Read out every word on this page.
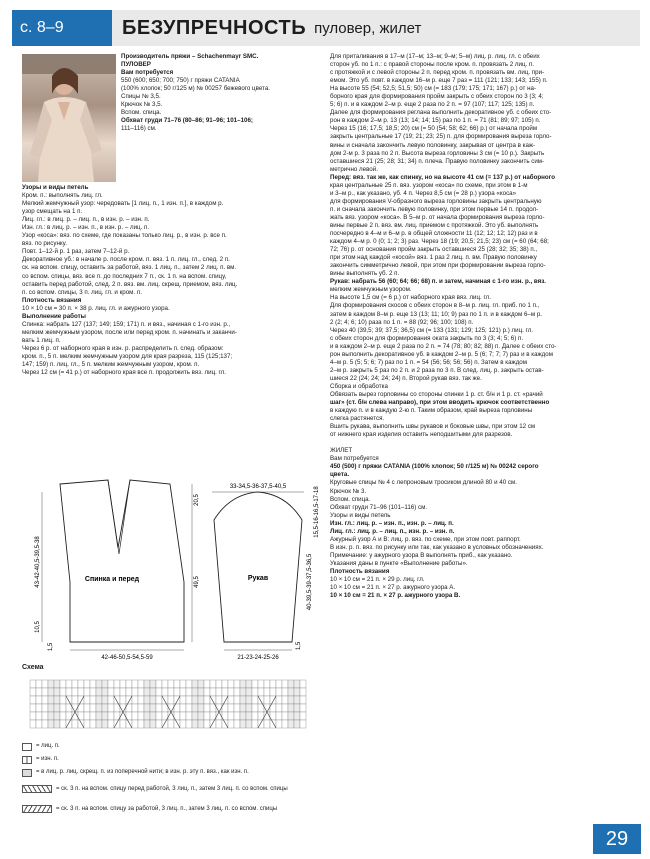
c. 8–9	БЕЗУПРЕЧНОСТЬ пуловер, жилет

Производитель пряжи – Schachenmayr SMC.

ПУЛОВЕР

Вам потребуется

550 (600; 650; 700; 750) г пряжи CATANIA

(100% хлопок; 50 г/125 м) № 00257 бежевого цвета.

Спицы № 3,5.

Крючок № 3,5.

Вспом. спица.

Обхват груди 71–76 (80–86; 91–96; 101–106;

111–116) см.

Узоры и виды петель

Кром. п.: выполнять лиц. гл.

Мелкий жемчужный узор: чередовать [1 лиц. п., 1 изн. п.], в каждом р.

узор смещать на 1 п.

Лиц. гл.: в лиц. р. – лиц. п., в изн. р. – изн. п.

Изн. гл.: в лиц. р. – изн. п., в изн. р. – лиц. п.

Узор «коса»: вяз. по схеме, где показаны только лиц. р., в изн. р. все п.

вяз. по рисунку.

Повт. 1–12-й р. 1 раз, затем 7–12-й р.

Декоративное уб.: в начале р. после кром. п. вяз. 1 п. лиц. гл., след. 2 п.

ск. на вспом. спицу, оставить за работой, вяз. 1 лиц. п., затем 2 лиц. п. вм.

со вспом. спицы, вяз. все п. до последних 7 п., ск. 1 п. на вспом. спицу,

оставить перед работой, след. 2 п. вяз. вм. лиц. скрещ. приемом, вяз. лиц.

п. со вспом. спицы, 3 п. лиц. гл. и кром. п.

Плотность вязания

10 × 10 см = 30 п. × 38 р. лиц. гл. и ажурного узора.

Выполнение работы

Спинка: набрать 127 (137; 149; 159; 171) п. и вяз., начиная с 1-го изн. р.,

мелким жемчужным узором, после или перед кром. п. начинать и заканчи-

вать 1 лиц. п.

Через 6 р. от наборного края в изн. р. распределить п. след. образом:

кром. п., 5 п. мелким жемчужным узором для края разреза, 115 (125;137;

147; 159) п. лиц. гл., 5 п. мелким жемчужным узором, кром. п.

Через 12 см (= 41 р.) от наборного края все п. продолжить вяз. лиц. гл.

Для приталивания в 17–м (17–м; 13–м; 9–м; 5–м) лиц. р. лиц. гл. с обеих

сторон уб. по 1 п.: с правой стороны после кром. п. провязать 2 лиц. п.

с протяжкой и с левой стороны 2 п. перед кром. п. провязать вм. лиц. при-

емом. Это уб. повт. в каждом 16–м р. еще 7 раз = 111 (121; 133; 143; 155) п.

На высоте 55 (54; 52,5; 51,5; 50) см (= 183 (179; 175; 171; 167) р.) от на-

борного края для формирования пройм закрыть с обеих сторон по 3 (3; 4;

5; 6) п. и в каждом 2–м р. еще 2 раза по 2 п. = 97 (107; 117; 125; 135) п.

Далее для формирования реглана выполнить декоративное уб. с обеих сто-

рон в каждом 2–м р. 13 (13; 14; 14; 15) раз по 1 п. = 71 (81; 89; 97; 105) п.

Через 15 (16; 17,5; 18,5; 20) см (= 50 (54; 58; 62; 66) р.) от начала пройм

закрыть центральные 17 (19; 21; 23; 25) п. для формирования выреза горло-

вины и сначала закончить левую половинку, закрывая от центра в каж-

дом 2-м р. 3 раза по 2 п. Высота выреза горловины 3 см (= 10 р.). Закрыть

оставшиеся 21 (25; 28; 31; 34) п. плеча. Правую половинку закончить сим-

метрично левой.

Перед: вяз. так же, как спинку, но на высоте 41 см (= 137 р.) от наборного

края центральные 25 п. вяз. узором «коса» по схеме, при этом в 1-м

и 3–м р., как указано, уб. 4 п. Через 8,5 см (= 28 р.) узора «коса»

для формирования V-образного выреза горловины закрыть центральную

п. и сначала закончить левую половинку, при этом первые 14 п. продол-

жать вяз. узором «коса». В 5–м р. от начала формирования выреза горло-

вины первые 2 п. вяз. вм. лиц. приемом с протяжкой. Это уб. выполнять

посчередно в 4–м и 6–м р. в общей сложности 11 (12; 12; 12; 12) раз и в

каждом 4–м р. 0 (0; 1; 2; 3) раз. Через 18 (19; 20,5; 21,5; 23) см (= 60 (64; 68;

72; 76) р. от основания пройм закрыть оставшиеся 25 (28; 32; 35; 38) п.,

при этом над каждой «косой» вяз. 1 раз 2 лиц. п. вм. Правую половинку

закончить симметрично левой, при этом при формировании выреза горло-

вины выполнять уб. 2 п.

Рукав: набрать 56 (60; 64; 66; 68) п. и затем, начиная с 1-го изн. р., вяз.

мелким жемчужным узором.

На высоте 1,5 см (= 6 р.) от наборного края вяз. лиц. гл.

Для формирования скосов с обеих сторон в 8–м р. лиц. гл. приб. по 1 п.,

затем в каждом 8–м р. еще 13 (13; 11; 10; 9) раз по 1 п. и в каждом 6–м р.

2 (2; 4; 6; 10) раза по 1 п. = 88 (92; 96; 100; 108) п.

Через 40 (39,5; 39; 37,5; 36,5) см (= 133 (131; 129; 125; 121) р.) лиц. гл.

с обеих сторон для формирования оката закрыть по 3 (3; 4; 5; 6) п.

и в каждом 2–м р. еще 2 раза по 2 п. = 74 (78; 80; 82; 88) п. Далее с обеих сто-

рон выполнить декоративное уб. в каждом 2–м р. 5 (6; 7; 7; 7) раз и в каждом

4–м р. 5 (5; 5; 6; 7) раз по 1 п. = 54 (56; 56; 56; 56) п. Затем в каждом

2–м р. закрыть 5 раз по 2 п. и 2 раза по 3 п. В след. лиц. р. закрыть остав-

шиеся 22 (24; 24; 24; 24) п. Второй рукав вяз. так же.

Сборка и обработка

Обвязать вырез горловины со стороны спинки 1 р. ст. б/н и 1 р. ст. «рачий

шаг» (ст. б/н слева направо), при этом вводить крючок соответственно

в каждую п. и в каждую 2-ю п. Таким образом, край выреза горловины

слегка растянется.

Вшить рукава, выполнить швы рукавов и боковые швы, при этом 12 см

от нижнего края изделия оставить неподшитыми для разрезов.

ЖИЛЕТ

Вам потребуется

450 (500) г пряжи CATANIA (100% хлопок; 50 г/125 м) № 00242 серого

цвета.

Круговые спицы № 4 с лепроновым тросиком длиной 80 и 40 см.

Крючок № 3.

Вспом. спица.

Обхват груди 71–96 (101–116) см.

Узоры и виды петель

Изн. гл.: лиц. р. – изн. п., изн. р. – лиц. п.

Лиц. гл.: лиц. р. – лиц. п., изн. р. – изн. п.

Ажурный узор А и В: лиц. р. вяз. по схеме, при этом повт. раппорт.

В изн. р. п. вяз. по рисунку или так, как указано в условных обозначениях.

Примечание: у ажурного узора В выполнять приб., как указано.

Указания даны в пункте «Выполнение работы».

Плотность вязания

10 × 10 см = 21 п. × 29 р. лиц. гл.

10 × 10 см = 21 п. × 27 р. ажурного узора А.

10 × 10 см = 21 п. × 27 р. ажурного узора В.

Спинка и перед
42-46-50,5-54,5-59
43-42-40,5-39,5-38	49,5
10,5
1,5
20,5
33-34,5-36-37,5-40,5
Рукав
21-23-24-25-26
40-39,5-39-37,5-36,5
15,5-16-16,5-17-18
1,5
Схема
= лиц. п.
= изн. п.
= в лиц. р. лиц. скрещ. п. из поперечной нити; в изн. р. эту п. вяз., как изн. п.
= ск. 3 п. на вспом. спицу перед работой, 3 лиц. п., затем 3 лиц. п. со вспом. спицы
= ск. 3 п. на вспом. спицу за работой, 3 лиц. п., затем 3 лиц. п. со вспом. спицы
29
